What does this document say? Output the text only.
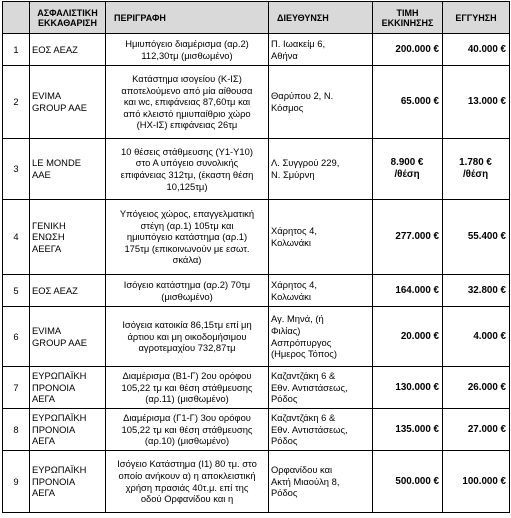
	ΑΣΦΑΛΙΣΤΙΚΗ
ΕΚΚΑΘΑΡΙΣΗ	ΠΕΡΙΓΡΑΦΗ	ΔΙΕΥΘΥΝΣΗ	ΤΙΜΗ
ΕΚΚΙΝΗΣΗΣ	ΕΓΓΥΗΣΗ
1	ΕΟΣ ΑΕΑΖ	Ημιυπόγειο διαμέρισμα (αρ.2)
112,30τμ (μισθωμένο)	Π. Ιωακείμ 6,
Αθήνα	200.000 €	40.000 €
2	EVIMA
GROUP AAE	Κατάστημα ισογείου (Κ-ΙΣ)
αποτελούμενο από μία αίθουσα
και wc, επιφάνειας 87,60τμ και
από κλειστό ημιυπαίθριο χώρο
(ΗΧ-ΙΣ) επιφάνειας 26τμ	Θαρύπου 2, Ν.
Κόσμος	65.000 €	13.000 €
3	LE MONDE
AAE	10 θέσεις στάθμευσης (Υ1-Υ10)
στο Α υπόγειο συνολικής
επιφάνειας 312τμ, (έκαστη θέση
10,125τμ)	Λ. Συγγρού 229,
Ν. Σμύρνη	8.900 €
/θέση	1.780 €
/θέση
4	ΓΕΝΙΚΗ
ΕΝΩΣΗ
ΑΕΕΓΑ	Υπόγειος χώρος, επαγγελματική
στέγη (αρ.1) 105τμ και
ημιυπόγειο κατάστημα (αρ.1)
175τμ (επικοινωνούν με εσωτ.
σκάλα)	Χάρητος 4,
Κολωνάκι	277.000 €	55.400 €
5	ΕΟΣ ΑΕΑΖ	Ισόγειο κατάστημα (αρ.2) 70τμ
(μισθωμένο)	Χάρητος 4,
Κολωνάκι	164.000 €	32.800 €
6	EVIMA
GROUP AAE	Ισόγεια κατοικία 86,15τμ επί μη
άρτιου και μη οικοδομήσιμου
αγροτεμαχίου 732,87τμ	Αγ. Μηνά, (ή
Φιλίας)
Ασπρόπυργος
(Ημερος Τόπος)	20.000 €	4.000 €
7	ΕΥΡΩΠΑΪΚΗ
ΠΡΟΝΟΙΑ
ΑΕΓΑ	Διαμέρισμα (Β1-Γ) 2ου ορόφου
105,22 τμ και θέση στάθμευσης
(αρ.11) (μισθωμένο)	Καζαντζάκη 6 &
Εθν. Αντιστάσεως,
Ρόδος	130.000 €	26.000 €
8	ΕΥΡΩΠΑΪΚΗ
ΠΡΟΝΟΙΑ
ΑΕΓΑ	Διαμέρισμα (Γ1-Γ) 3ου ορόφου
105,22 τμ και θέση στάθμευσης
(αρ.10) (μισθωμένο)	Καζαντζάκη 6 &
Εθν. Αντιστάσεως,
Ρόδος	135.000 €	27.000 €
9	ΕΥΡΩΠΑΪΚΗ
ΠΡΟΝΟΙΑ
ΑΕΓΑ	Ισόγειο Κατάστημα (Ι1) 80 τμ. στο
οποίο ανήκουν α) η αποκλειστική
χρήση πρασιάς 40τ.μ. επί της
οδού Ορφανίδου και η	Ορφανίδου και
Ακτή Μιαούλη 8,
Ρόδος	500.000 €	100.000 €
